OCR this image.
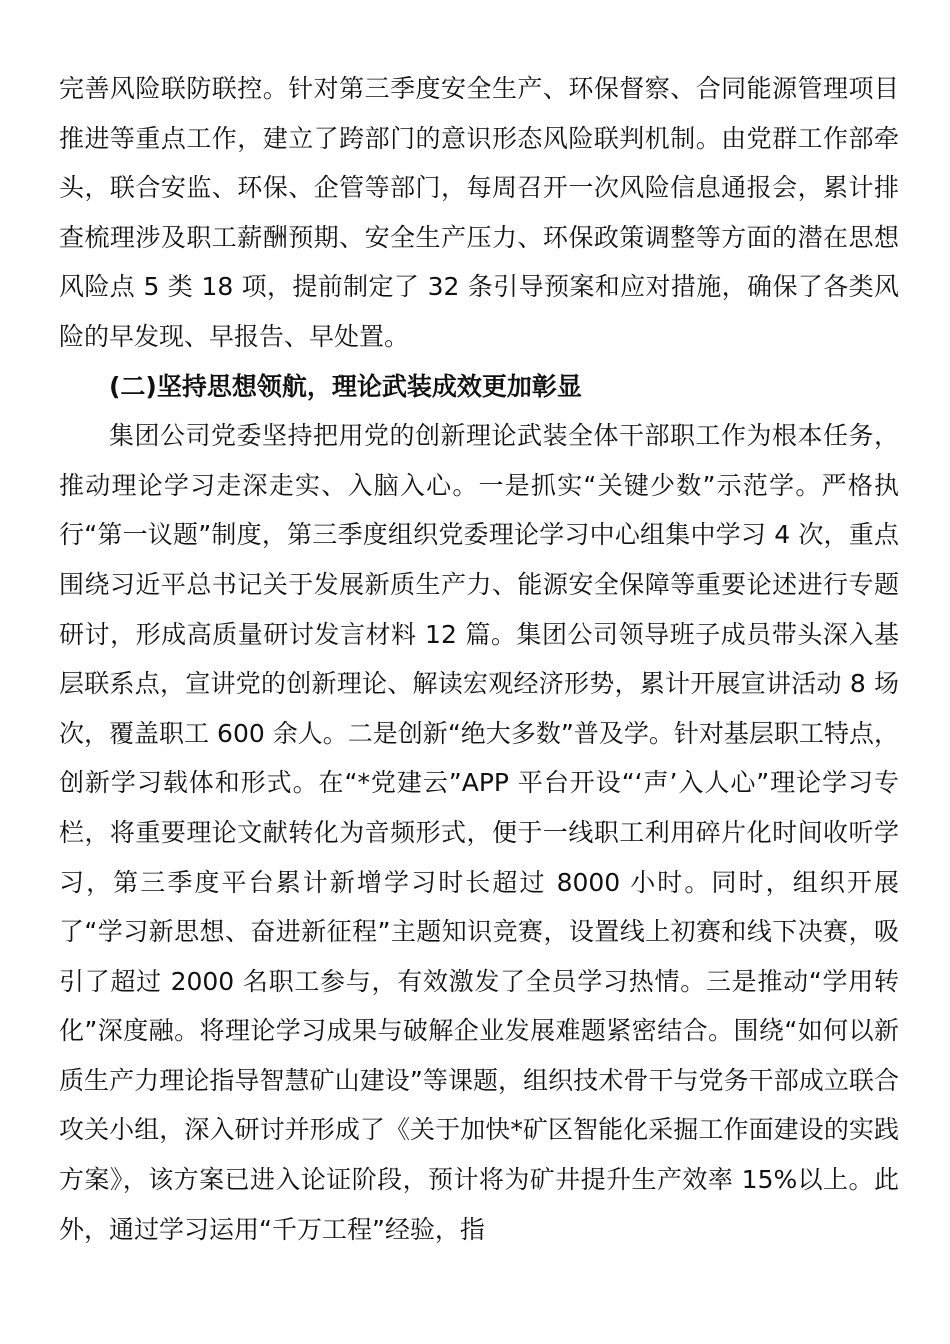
完善风险联防联控。针对第三季度安全生产、环保督察、合同能源管理项目推进等重点工作，建立了跨部门的意识形态风险联判机制。由党群工作部牵头，联合安监、环保、企管等部门，每周召开一次风险信息通报会，累计排查梳理涉及职工薪酬预期、安全生产压力、环保政策调整等方面的潜在思想风险点 5 类 18 项，提前制定了 32 条引导预案和应对措施，确保了各类风险的早发现、早报告、早处置。

(二)坚持思想领航，理论武装成效更加彰显

集团公司党委坚持把用党的创新理论武装全体干部职工作为根本任务，推动理论学习走深走实、入脑入心。一是抓实“关键少数”示范学。严格执行“第一议题”制度，第三季度组织党委理论学习中心组集中学习 4 次，重点围绕习近平总书记关于发展新质生产力、能源安全保障等重要论述进行专题研讨，形成高质量研讨发言材料 12 篇。集团公司领导班子成员带头深入基层联系点，宣讲党的创新理论、解读宏观经济形势，累计开展宣讲活动 8 场次，覆盖职工 600 余人。二是创新“绝大多数”普及学。针对基层职工特点，创新学习载体和形式。在“*党建云”APP 平台开设“‘声’入人心”理论学习专栏，将重要理论文献转化为音频形式，便于一线职工利用碎片化时间收听学习，第三季度平台累计新增学习时长超过 8000 小时。同时，组织开展了“学习新思想、奋进新征程”主题知识竞赛，设置线上初赛和线下决赛，吸引了超过 2000 名职工参与，有效激发了全员学习热情。三是推动“学用转化”深度融。将理论学习成果与破解企业发展难题紧密结合。围绕“如何以新质生产力理论指导智慧矿山建设”等课题，组织技术骨干与党务干部成立联合攻关小组，深入研讨并形成了《关于加快*矿区智能化采掘工作面建设的实践方案》，该方案已进入论证阶段，预计将为矿井提升生产效率 15%以上。此外，通过学习运用“千万工程”经验，指
